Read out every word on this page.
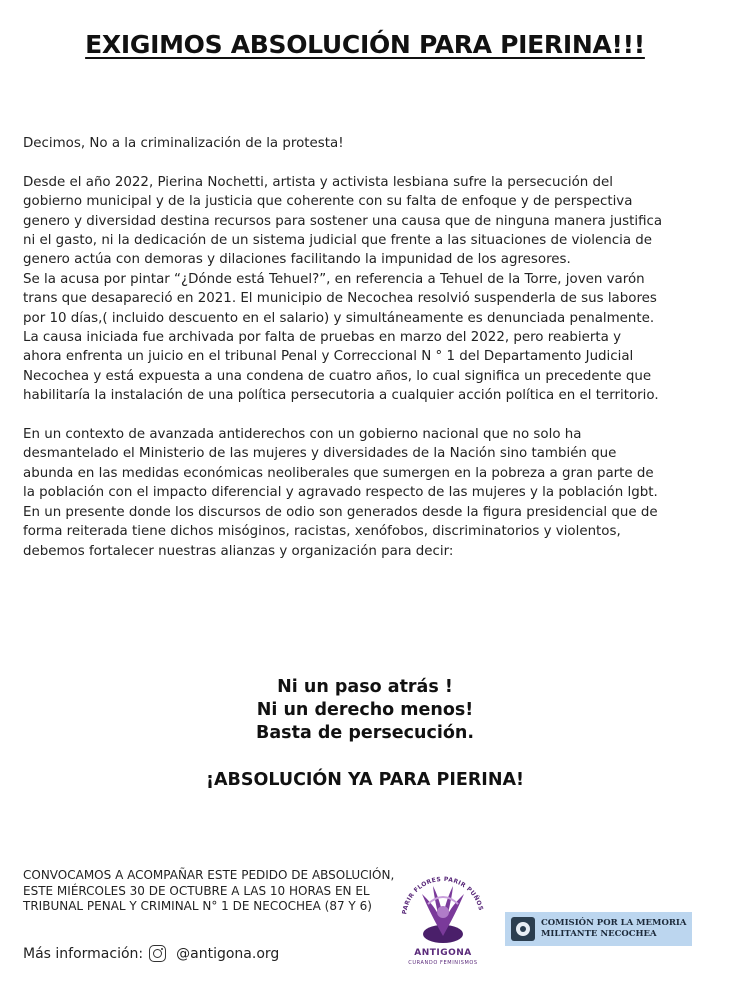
EXIGIMOS ABSOLUCIÓN PARA PIERINA!!!

Decimos, No a la criminalización de la protesta!

Desde el año 2022, Pierina Nochetti, artista y activista lesbiana sufre la persecución del gobierno municipal y de la justicia que coherente con su falta de enfoque y de perspectiva genero y diversidad destina recursos para sostener una causa que de ninguna manera justifica ni el gasto, ni la dedicación de un sistema judicial que frente a las situaciones de violencia de genero actúa con demoras y dilaciones facilitando la impunidad de los agresores.

Se la acusa por pintar “¿Dónde está Tehuel?”, en referencia a Tehuel de la Torre, joven varón trans que desapareció en 2021. El municipio de Necochea resolvió suspenderla de sus labores por 10 días,( incluido descuento en el salario) y simultáneamente es denunciada penalmente.

La causa iniciada fue archivada por falta de pruebas en marzo del 2022, pero reabierta y ahora enfrenta un juicio en el tribunal Penal y Correccional N ° 1 del Departamento Judicial Necochea y está expuesta a una condena de cuatro años, lo cual significa un precedente que habilitaría la instalación de una política persecutoria a cualquier acción política en el territorio.

En un contexto de avanzada antiderechos con un gobierno nacional que no solo ha desmantelado el Ministerio de las mujeres y diversidades de la Nación sino también que abunda en las medidas económicas neoliberales que sumergen en la pobreza a gran parte de la población con el impacto diferencial y agravado respecto de las mujeres y la población lgbt.

En un presente donde los discursos de odio son generados desde la figura presidencial que de forma reiterada tiene dichos misóginos, racistas, xenófobos, discriminatorios y violentos, debemos fortalecer nuestras alianzas y organización para decir:

Ni un paso atrás !
Ni un derecho menos!
Basta de persecución.
¡ABSOLUCIÓN YA PARA PIERINA!
CONVOCAMOS A ACOMPAÑAR ESTE PEDIDO DE ABSOLUCIÓN, ESTE MIÉRCOLES 30 DE OCTUBRE A LAS 10 HORAS EN EL TRIBUNAL PENAL Y CRIMINAL N° 1 DE NECOCHEA (87 Y 6)
Más información: @antigona.org
PARIR FLORES PARIR PUÑOS
ANTIGONA
CURANDO FEMINISMOS
COMISIÓN POR LA MEMORIA
MILITANTE NECOCHEA
